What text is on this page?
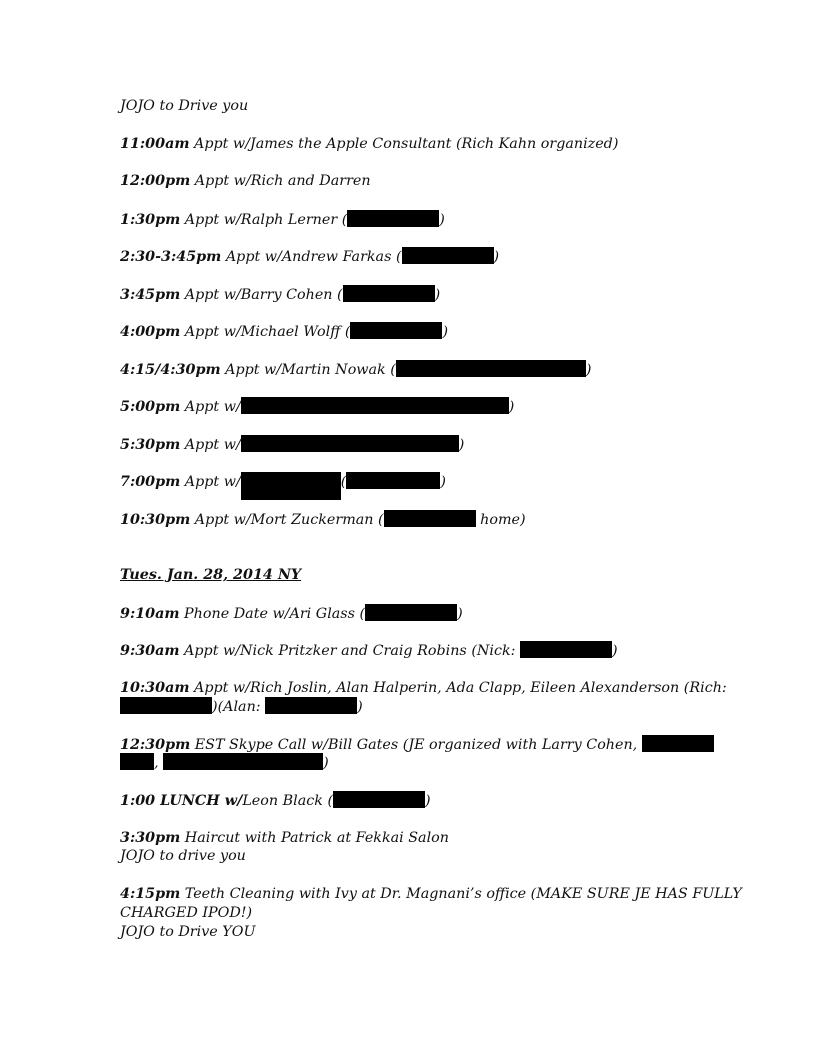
JOJO to Drive you
11:00am Appt w/James the Apple Consultant (Rich Kahn organized)
12:00pm Appt w/Rich and Darren
1:30pm Appt w/Ralph Lerner (	)
2:30-3:45pm Appt w/Andrew Farkas (	)
3:45pm Appt w/Barry Cohen (	)
4:00pm Appt w/Michael Wolff (	)
4:15/4:30pm Appt w/Martin Nowak (	)
5:00pm Appt w/	)
5:30pm Appt w/	)
7:00pm Appt w/	(	)
10:30pm Appt w/Mort Zuckerman (	home)
Tues. Jan. 28, 2014 NY
9:10am Phone Date w/Ari Glass (	)
9:30am Appt w/Nick Pritzker and Craig Robins (Nick:	)
10:30am Appt w/Rich Joslin, Alan Halperin, Ada Clapp, Eileen Alexanderson (Rich:
)(Alan:	)
12:30pm EST Skype Call w/Bill Gates (JE organized with Larry Cohen,
,	)
1:00 LUNCH w/Leon Black (	)
3:30pm Haircut with Patrick at Fekkai Salon
JOJO to drive you
4:15pm Teeth Cleaning with Ivy at Dr. Magnani’s office (MAKE SURE JE HAS FULLY
CHARGED IPOD!)
JOJO to Drive YOU
